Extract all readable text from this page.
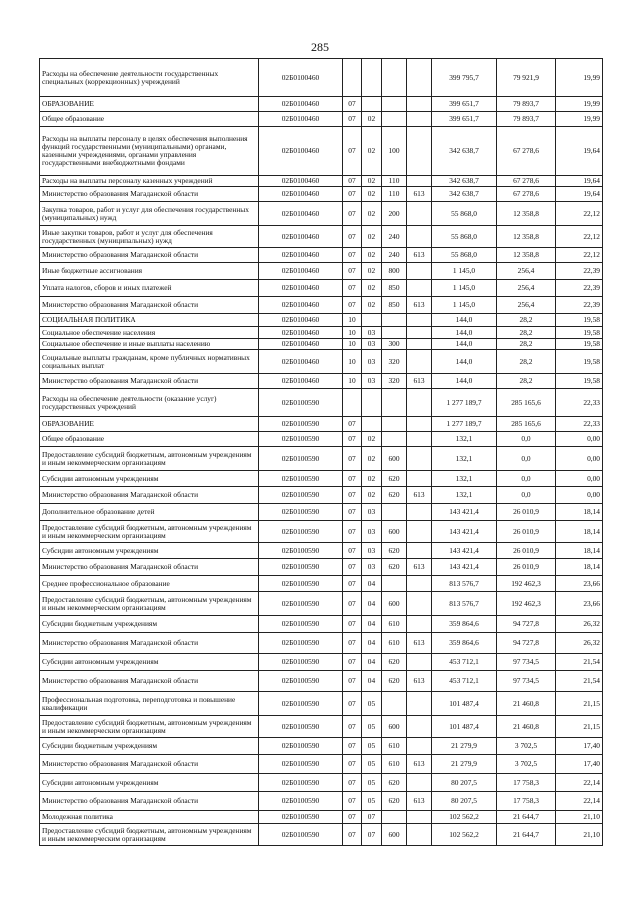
285
Расходы на обеспечение деятельности государственных специальных (коррекционных) учреждений	02Б0100460					399 795,7	79 921,9	19,99
ОБРАЗОВАНИЕ	02Б0100460	07				399 651,7	79 893,7	19,99
Общее образование	02Б0100460	07	02			399 651,7	79 893,7	19,99
Расходы на выплаты персоналу в целях обеспечения выполнения функций государственными (муниципальными) органами, казенными учреждениями, органами управления государственными внебюджетными фондами	02Б0100460	07	02	100		342 638,7	67 278,6	19,64
Расходы на выплаты персоналу казенных учреждений	02Б0100460	07	02	110		342 638,7	67 278,6	19,64
Министерство образования Магаданской области	02Б0100460	07	02	110	613	342 638,7	67 278,6	19,64
Закупка товаров, работ и услуг для обеспечения государственных (муниципальных) нужд	02Б0100460	07	02	200		55 868,0	12 358,8	22,12
Иные закупки товаров, работ и услуг для обеспечения государственных (муниципальных) нужд	02Б0100460	07	02	240		55 868,0	12 358,8	22,12
Министерство образования Магаданской области	02Б0100460	07	02	240	613	55 868,0	12 358,8	22,12
Иные бюджетные ассигнования	02Б0100460	07	02	800		1 145,0	256,4	22,39
Уплата налогов, сборов и иных платежей	02Б0100460	07	02	850		1 145,0	256,4	22,39
Министерство образования Магаданской области	02Б0100460	07	02	850	613	1 145,0	256,4	22,39
СОЦИАЛЬНАЯ ПОЛИТИКА	02Б0100460	10				144,0	28,2	19,58
Социальное обеспечение населения	02Б0100460	10	03			144,0	28,2	19,58
Социальное обеспечение и иные выплаты населению	02Б0100460	10	03	300		144,0	28,2	19,58
Социальные выплаты гражданам, кроме публичных нормативных социальных выплат	02Б0100460	10	03	320		144,0	28,2	19,58
Министерство образования Магаданской области	02Б0100460	10	03	320	613	144,0	28,2	19,58
Расходы на обеспечение деятельности (оказание услуг) государственных учреждений	02Б0100590					1 277 189,7	285 165,6	22,33
ОБРАЗОВАНИЕ	02Б0100590	07				1 277 189,7	285 165,6	22,33
Общее образование	02Б0100590	07	02			132,1	0,0	0,00
Предоставление субсидий бюджетным, автономным учреждениям и иным некоммерческим организациям	02Б0100590	07	02	600		132,1	0,0	0,00
Субсидии автономным учреждениям	02Б0100590	07	02	620		132,1	0,0	0,00
Министерство образования Магаданской области	02Б0100590	07	02	620	613	132,1	0,0	0,00
Дополнительное образование детей	02Б0100590	07	03			143 421,4	26 010,9	18,14
Предоставление субсидий бюджетным, автономным учреждениям и иным некоммерческим организациям	02Б0100590	07	03	600		143 421,4	26 010,9	18,14
Субсидии автономным учреждениям	02Б0100590	07	03	620		143 421,4	26 010,9	18,14
Министерство образования Магаданской области	02Б0100590	07	03	620	613	143 421,4	26 010,9	18,14
Среднее профессиональное образование	02Б0100590	07	04			813 576,7	192 462,3	23,66
Предоставление субсидий бюджетным, автономным учреждениям и иным некоммерческим организациям	02Б0100590	07	04	600		813 576,7	192 462,3	23,66
Субсидии бюджетным учреждениям	02Б0100590	07	04	610		359 864,6	94 727,8	26,32
Министерство образования Магаданской области	02Б0100590	07	04	610	613	359 864,6	94 727,8	26,32
Субсидии автономным учреждениям	02Б0100590	07	04	620		453 712,1	97 734,5	21,54
Министерство образования Магаданской области	02Б0100590	07	04	620	613	453 712,1	97 734,5	21,54
Профессиональная подготовка, переподготовка и повышение квалификации	02Б0100590	07	05			101 487,4	21 460,8	21,15
Предоставление субсидий бюджетным, автономным учреждениям и иным некоммерческим организациям	02Б0100590	07	05	600		101 487,4	21 460,8	21,15
Субсидии бюджетным учреждениям	02Б0100590	07	05	610		21 279,9	3 702,5	17,40
Министерство образования Магаданской области	02Б0100590	07	05	610	613	21 279,9	3 702,5	17,40
Субсидии автономным учреждениям	02Б0100590	07	05	620		80 207,5	17 758,3	22,14
Министерство образования Магаданской области	02Б0100590	07	05	620	613	80 207,5	17 758,3	22,14
Молодежная политика	02Б0100590	07	07			102 562,2	21 644,7	21,10
Предоставление субсидий бюджетным, автономным учреждениям и иным некоммерческим организациям	02Б0100590	07	07	600		102 562,2	21 644,7	21,10
